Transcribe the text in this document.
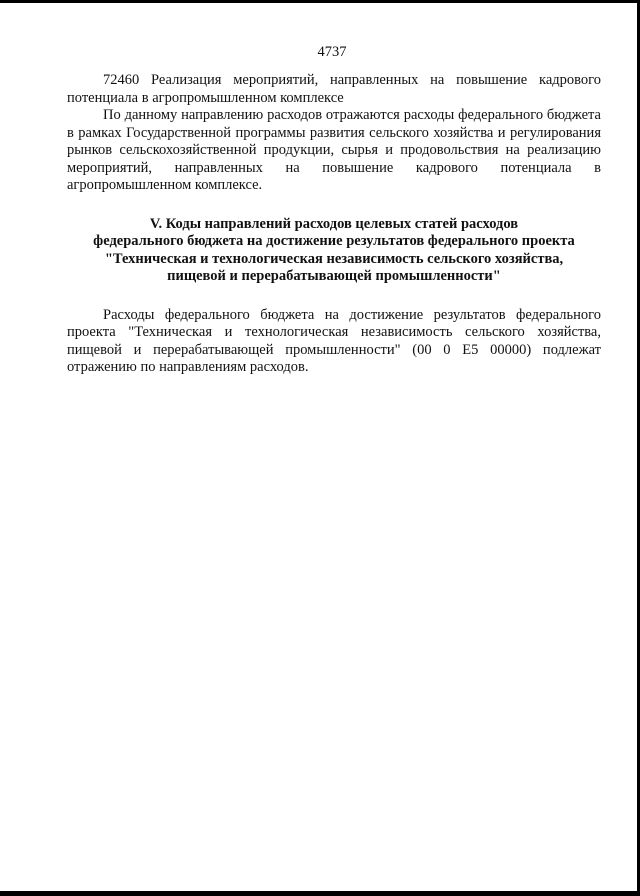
4737

72460 Реализация мероприятий, направленных на повышение кадрового потенциала в агропромышленном комплексе

По данному направлению расходов отражаются расходы федерального бюджета в рамках Государственной программы развития сельского хозяйства и регулирования рынков сельскохозяйственной продукции, сырья и продовольствия на реализацию мероприятий, направленных на повышение кадрового потенциала в агропромышленном комплексе.

V. Коды направлений расходов целевых статей расходов
федерального бюджета на достижение результатов федерального проекта
"Техническая и технологическая независимость сельского хозяйства,
пищевой и перерабатывающей промышленности"

Расходы федерального бюджета на достижение результатов федерального проекта "Техническая и технологическая независимость сельского хозяйства, пищевой и перерабатывающей промышленности" (00 0 Е5 00000) подлежат отражению по направлениям расходов.
